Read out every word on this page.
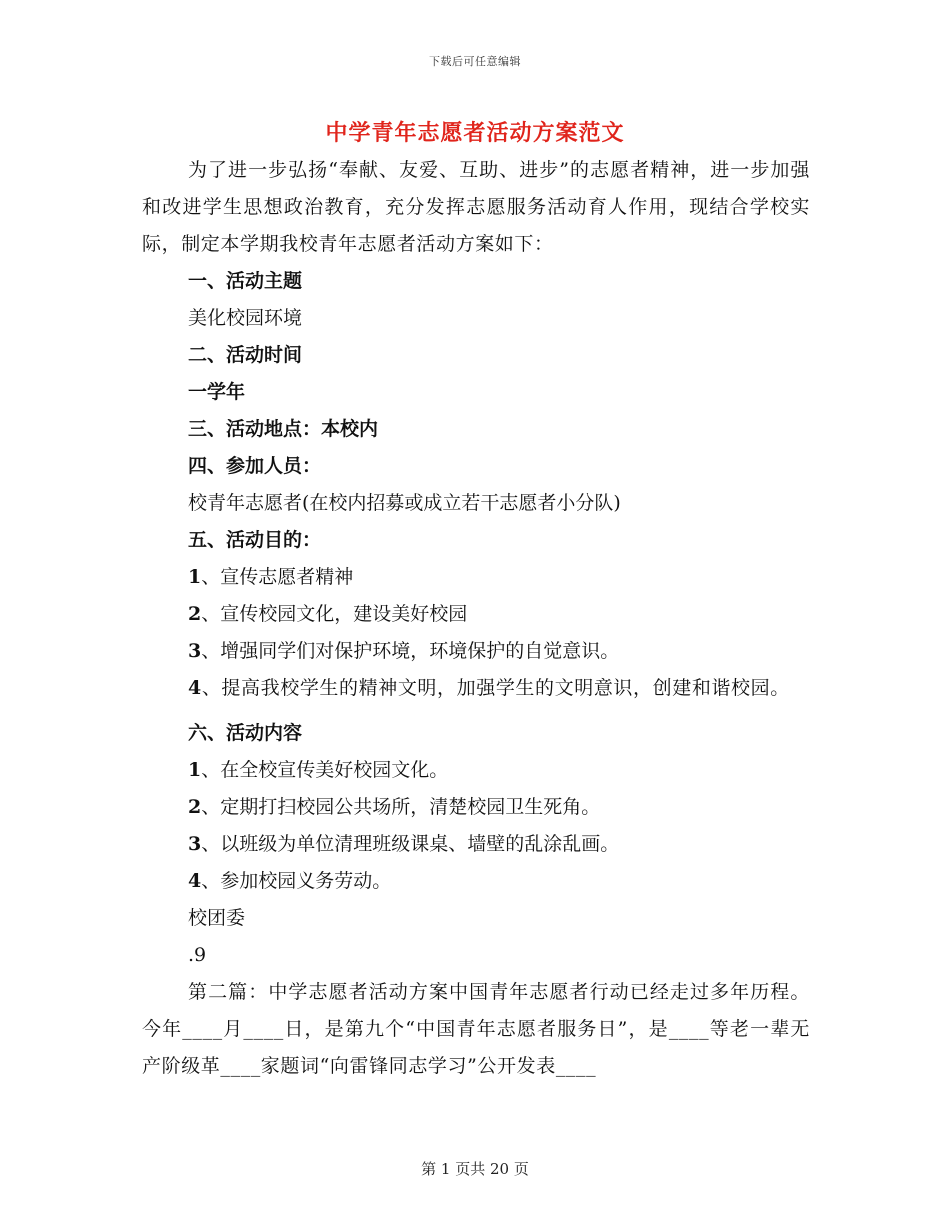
下载后可任意编辑
中学青年志愿者活动方案范文

为了进一步弘扬“奉献、友爱、互助、进步”的志愿者精神，进一步加强和改进学生思想政治教育，充分发挥志愿服务活动育人作用，现结合学校实际，制定本学期我校青年志愿者活动方案如下：

一、活动主题

美化校园环境

二、活动时间

一学年

三、活动地点：本校内

四、参加人员：

校青年志愿者(在校内招募或成立若干志愿者小分队)

五、活动目的：

1、宣传志愿者精神

2、宣传校园文化，建设美好校园

3、增强同学们对保护环境，环境保护的自觉意识。

4、提高我校学生的精神文明，加强学生的文明意识，创建和谐校园。

六、活动内容

1、在全校宣传美好校园文化。

2、定期打扫校园公共场所，清楚校园卫生死角。

3、以班级为单位清理班级课桌、墙壁的乱涂乱画。

4、参加校园义务劳动。

校团委

.9

第二篇：中学志愿者活动方案中国青年志愿者行动已经走过多年历程。今年____月____日，是第九个“中国青年志愿者服务日”，是____等老一辈无产阶级革____家题词“向雷锋同志学习”公开发表____

第 1 页共 20 页
